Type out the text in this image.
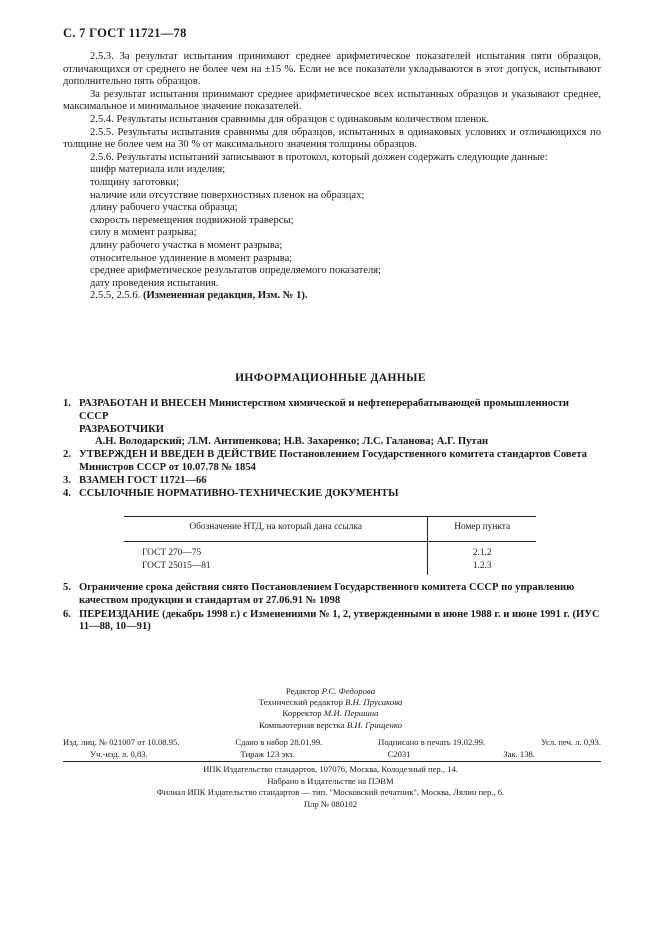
С. 7 ГОСТ 11721—78

2.5.3. За результат испытания принимают среднее арифметическое показателей испытания пяти образцов, отличающихся от среднего не более чем на ±15 %. Если не все показатели укладываются в этот допуск, испытывают дополнительно пять образцов.

За результат испытания принимают среднее арифметическое всех испытанных образцов и указывают среднее, максимальное и минимальное значение показателей.

2.5.4. Результаты испытания сравнимы для образцов с одинаковым количеством пленок.

2.5.5. Результаты испытания сравнимы для образцов, испытанных в одинаковых условиях и отличающихся по толщине не более чем на 30 % от максимального значения толщины образцов.

2.5.6. Результаты испытаний записывают в протокол, который должен содержать следующие данные:

шифр материала или изделия;

толщину заготовки;

наличие или отсутствие поверхностных пленок на образцах;

длину рабочего участка образца;

скорость перемещения подвижной траверсы;

силу в момент разрыва;

длину рабочего участка в момент разрыва;

относительное удлинение в момент разрыва;

среднее арифметическое результатов определяемого показателя;

дату проведения испытания.

2.5.5, 2.5.6. (Измененная редакция, Изм. № 1).

ИНФОРМАЦИОННЫЕ ДАННЫЕ
1. РАЗРАБОТАН И ВНЕСЕН Министерством химической и нефтеперерабатывающей промышленности СССР
РАЗРАБОТЧИКИ
А.Н. Володарский; Л.М. Антипенкова; Н.В. Захаренко; Л.С. Галанова; А.Г. Путан
2. УТВЕРЖДЕН И ВВЕДЕН В ДЕЙСТВИЕ Постановлением Государственного комитета стандартов Совета Министров СССР от 10.07.78 № 1854
3. ВЗАМЕН ГОСТ 11721—66
4. ССЫЛОЧНЫЕ НОРМАТИВНО-ТЕХНИЧЕСКИЕ ДОКУМЕНТЫ
Обозначение НТД, на который дана ссылка	Номер пункта
ГОСТ 270—75	2.1.2
ГОСТ 25015—81	1.2.3
5. Ограничение срока действия снято Постановлением Государственного комитета СССР по управлению качеством продукции и стандартам от 27.06.91 № 1098
6. ПЕРЕИЗДАНИЕ (декабрь 1998 г.) с Изменениями № 1, 2, утвержденными в июне 1988 г. и июне 1991 г. (ИУС 11—88, 10—91)
Редактор Р.С. Федорова
Технический редактор В.Н. Прусакова
Корректор М.И. Першина
Компьютерная верстка В.И. Грищенко
Изд. лиц. № 021007 от 10.08.95.	Сдано в набор 28.01.99.	Подписано в печать 19.02.99.	Усл. печ. л. 0,93.
Уч.-изд. л. 0,83.	Тираж 123 экз.	С2031	Зак. 138.
ИПК Издательство стандартов, 107076, Москва, Колодезный пер., 14.
Набрано в Издательстве на ПЭВМ
Филиал ИПК Издательство стандартов — тип. "Московский печатник", Москва, Лялин пер., 6.
Плр № 080102
